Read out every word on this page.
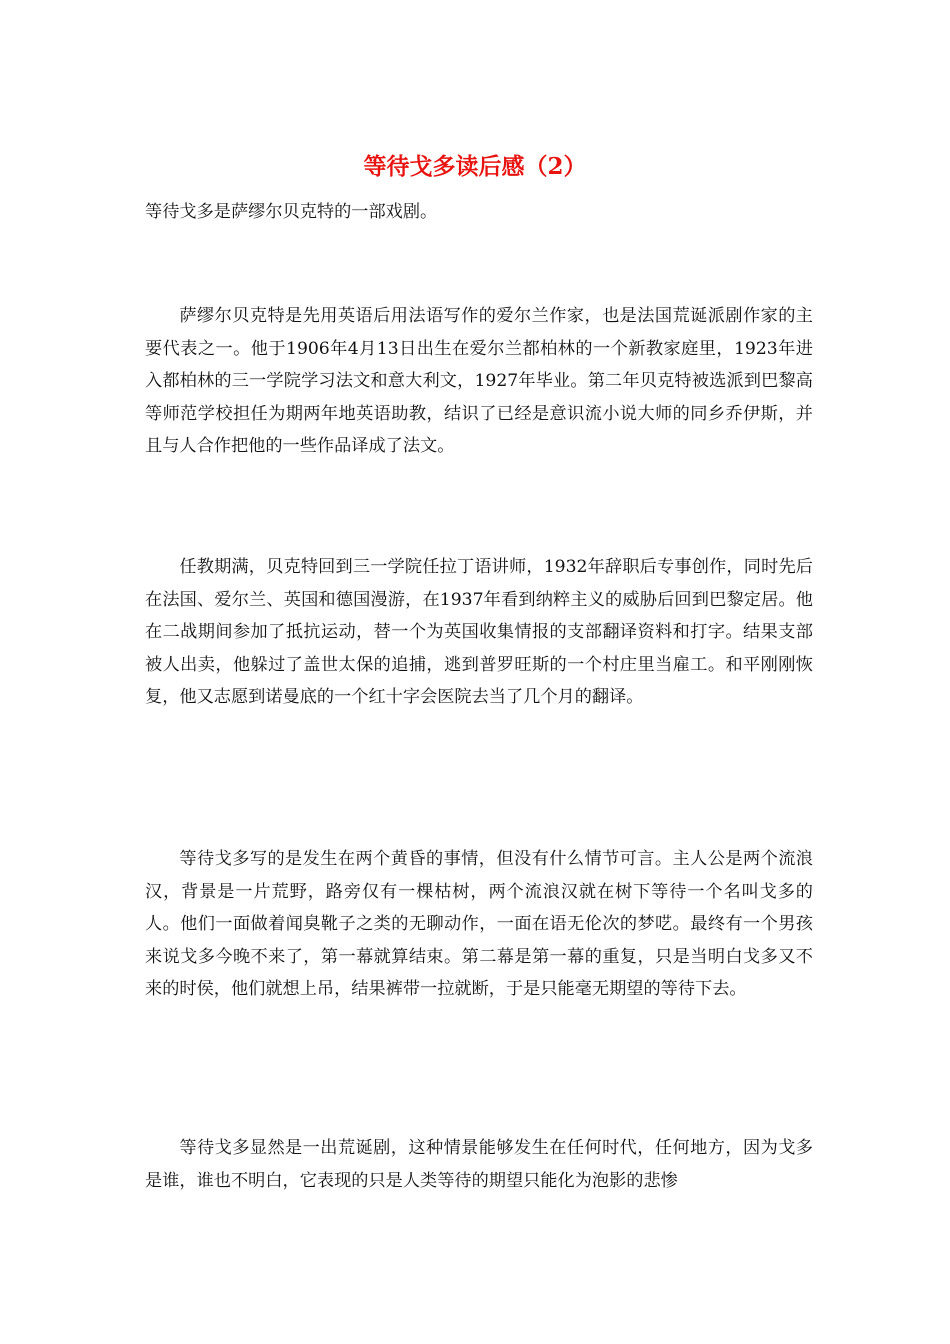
等待戈多读后感（2）

等待戈多是萨缪尔贝克特的一部戏剧。

萨缪尔贝克特是先用英语后用法语写作的爱尔兰作家，也是法国荒诞派剧作家的主要代表之一。他于1906年4月13日出生在爱尔兰都柏林的一个新教家庭里，1923年进入都柏林的三一学院学习法文和意大利文，1927年毕业。第二年贝克特被选派到巴黎高等师范学校担任为期两年地英语助教，结识了已经是意识流小说大师的同乡乔伊斯，并且与人合作把他的一些作品译成了法文。

任教期满，贝克特回到三一学院任拉丁语讲师，1932年辞职后专事创作，同时先后在法国、爱尔兰、英国和德国漫游，在1937年看到纳粹主义的威胁后回到巴黎定居。他在二战期间参加了抵抗运动，替一个为英国收集情报的支部翻译资料和打字。结果支部被人出卖，他躲过了盖世太保的追捕，逃到普罗旺斯的一个村庄里当雇工。和平刚刚恢复，他又志愿到诺曼底的一个红十字会医院去当了几个月的翻译。

等待戈多写的是发生在两个黄昏的事情，但没有什么情节可言。主人公是两个流浪汉，背景是一片荒野，路旁仅有一棵枯树，两个流浪汉就在树下等待一个名叫戈多的人。他们一面做着闻臭靴子之类的无聊动作，一面在语无伦次的梦呓。最终有一个男孩来说戈多今晚不来了，第一幕就算结束。第二幕是第一幕的重复，只是当明白戈多又不来的时侯，他们就想上吊，结果裤带一拉就断，于是只能毫无期望的等待下去。

等待戈多显然是一出荒诞剧，这种情景能够发生在任何时代，任何地方，因为戈多是谁，谁也不明白，它表现的只是人类等待的期望只能化为泡影的悲惨
